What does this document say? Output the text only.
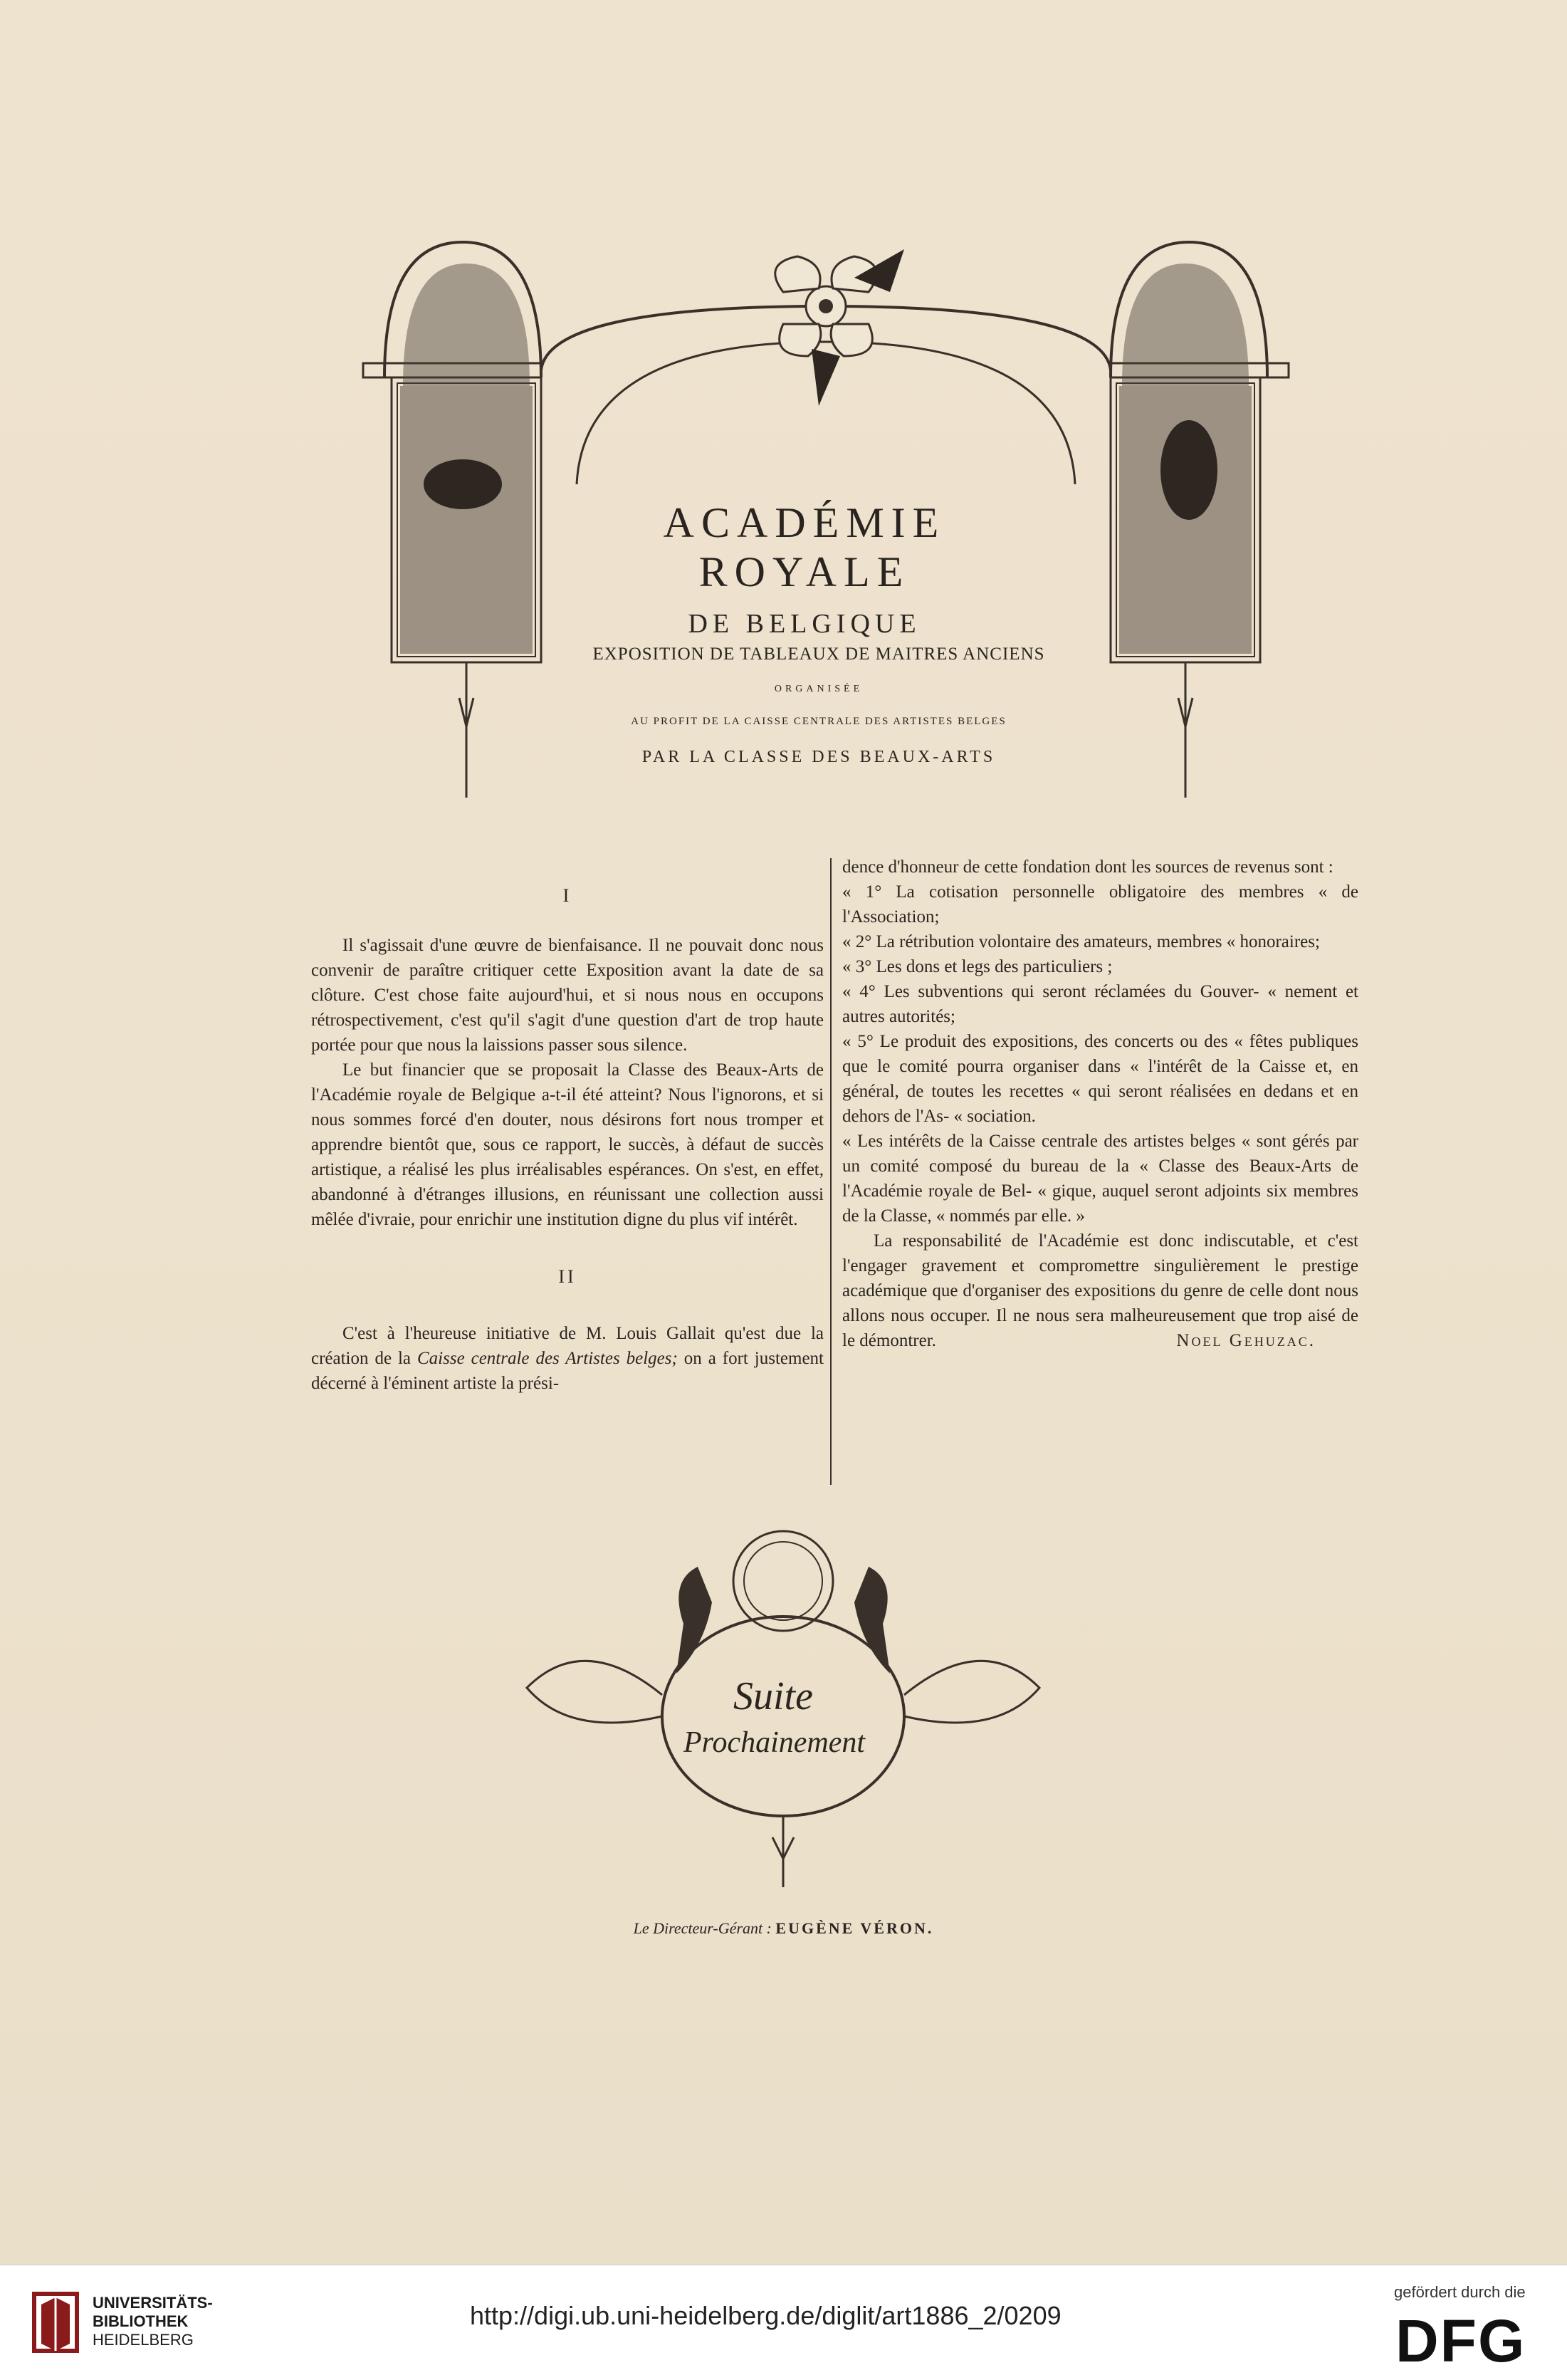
ACADÉMIE ROYALE
DE BELGIQUE
EXPOSITION DE TABLEAUX DE MAITRES ANCIENS
ORGANISÉE
AU PROFIT DE LA CAISSE CENTRALE DES ARTISTES BELGES
PAR LA CLASSE DES BEAUX-ARTS
I

Il s'agissait d'une œuvre de bienfaisance. Il ne pouvait donc nous convenir de paraître critiquer cette Exposition avant la date de sa clôture. C'est chose faite aujourd'hui, et si nous nous en occupons rétrospectivement, c'est qu'il s'agit d'une question d'art de trop haute portée pour que nous la laissions passer sous silence.

Le but financier que se proposait la Classe des Beaux-Arts de l'Académie royale de Belgique a-t-il été atteint? Nous l'ignorons, et si nous sommes forcé d'en douter, nous désirons fort nous tromper et apprendre bientôt que, sous ce rapport, le succès, à défaut de succès artistique, a réalisé les plus irréalisables espérances. On s'est, en effet, abandonné à d'étranges illusions, en réunissant une collection aussi mêlée d'ivraie, pour enrichir une institution digne du plus vif intérêt.

II

C'est à l'heureuse initiative de M. Louis Gallait qu'est due la création de la Caisse centrale des Artistes belges; on a fort justement décerné à l'éminent artiste la prési-

dence d'honneur de cette fondation dont les sources de revenus sont :

« 1° La cotisation personnelle obligatoire des membres « de l'Association;

« 2° La rétribution volontaire des amateurs, membres « honoraires;

« 3° Les dons et legs des particuliers ;

« 4° Les subventions qui seront réclamées du Gouver- « nement et autres autorités;

« 5° Le produit des expositions, des concerts ou des « fêtes publiques que le comité pourra organiser dans « l'intérêt de la Caisse et, en général, de toutes les recettes « qui seront réalisées en dedans et en dehors de l'As- « sociation.

« Les intérêts de la Caisse centrale des artistes belges « sont gérés par un comité composé du bureau de la « Classe des Beaux-Arts de l'Académie royale de Bel- « gique, auquel seront adjoints six membres de la Classe, « nommés par elle. »

La responsabilité de l'Académie est donc indiscutable, et c'est l'engager gravement et compromettre singulièrement le prestige académique que d'organiser des expositions du genre de celle dont nous allons nous occuper. Il ne nous sera malheureusement que trop aisé de le démontrer.	Noel Gehuzac.
Suite
Prochainement
Le Directeur-Gérant : EUGÈNE VÉRON.
UNIVERSITÄTS-
BIBLIOTHEK
HEIDELBERG
http://digi.ub.uni-heidelberg.de/diglit/art1886_2/0209
gefördert durch die
DFG
